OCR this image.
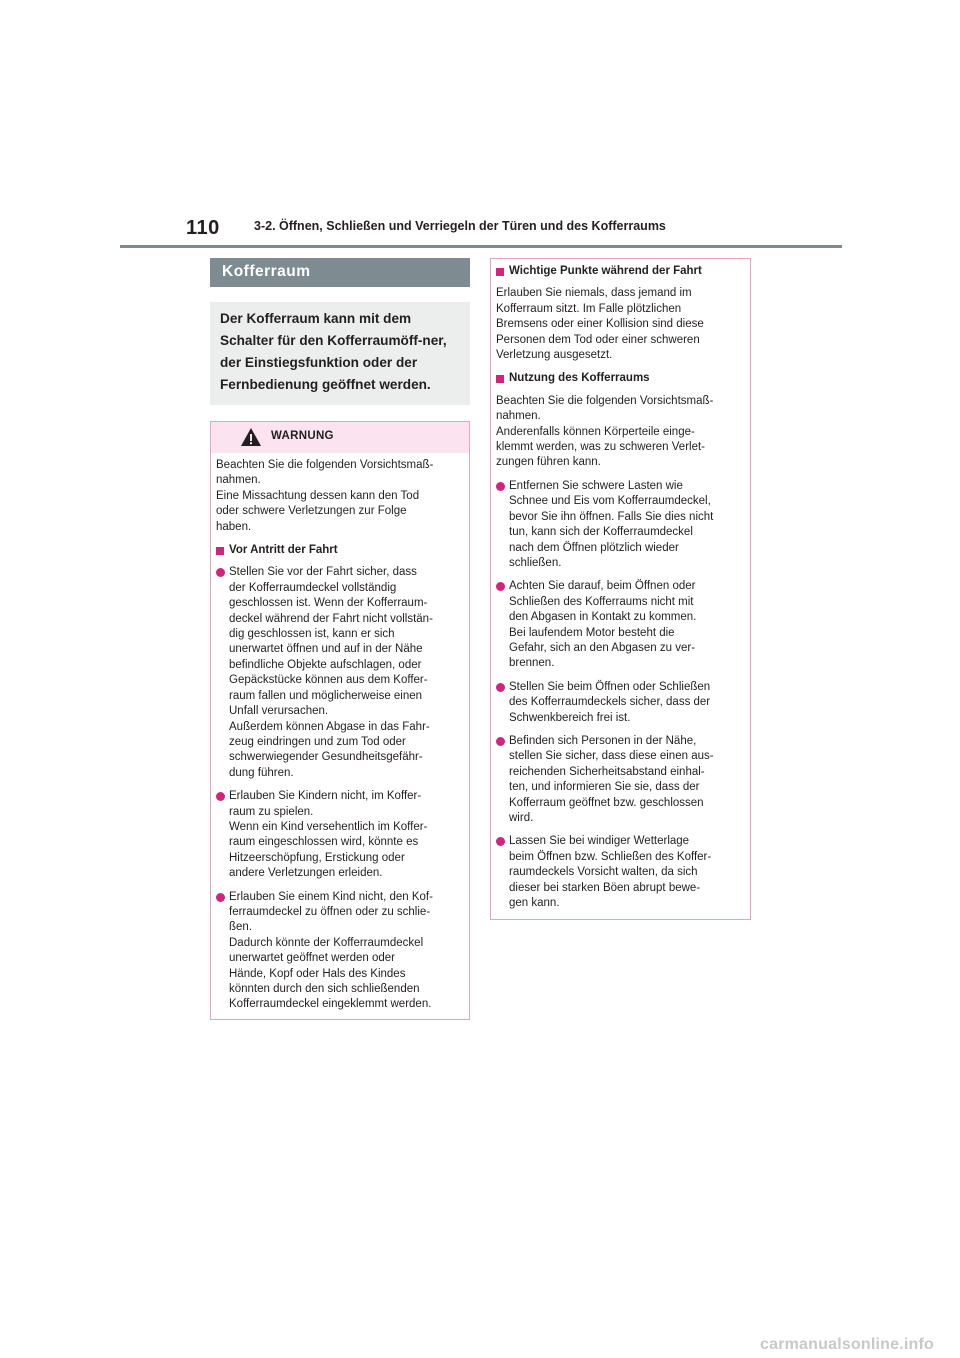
110	3-2. Öffnen, Schließen und Verriegeln der Türen und des Kofferraums
Kofferraum
Der Kofferraum kann mit dem Schalter für den Kofferraumöff-ner, der Einstiegsfunktion oder der Fernbedienung geöffnet werden.
WARNUNG
Beachten Sie die folgenden Vorsichtsmaß-
nahmen.
Eine Missachtung dessen kann den Tod
oder schwere Verletzungen zur Folge
haben.
Vor Antritt der Fahrt
Stellen Sie vor der Fahrt sicher, dass
der Kofferraumdeckel vollständig
geschlossen ist. Wenn der Kofferraum-
deckel während der Fahrt nicht vollstän-
dig geschlossen ist, kann er sich
unerwartet öffnen und auf in der Nähe
befindliche Objekte aufschlagen, oder
Gepäckstücke können aus dem Koffer-
raum fallen und möglicherweise einen
Unfall verursachen.
Außerdem können Abgase in das Fahr-
zeug eindringen und zum Tod oder
schwerwiegender Gesundheitsgefähr-
dung führen.
Erlauben Sie Kindern nicht, im Koffer-
raum zu spielen.
Wenn ein Kind versehentlich im Koffer-
raum eingeschlossen wird, könnte es
Hitzeerschöpfung, Erstickung oder
andere Verletzungen erleiden.
Erlauben Sie einem Kind nicht, den Kof-
ferraumdeckel zu öffnen oder zu schlie-
ßen.
Dadurch könnte der Kofferraumdeckel
unerwartet geöffnet werden oder
Hände, Kopf oder Hals des Kindes
könnten durch den sich schließenden
Kofferraumdeckel eingeklemmt werden.
Wichtige Punkte während der Fahrt
Erlauben Sie niemals, dass jemand im
Kofferraum sitzt. Im Falle plötzlichen
Bremsens oder einer Kollision sind diese
Personen dem Tod oder einer schweren
Verletzung ausgesetzt.
Nutzung des Kofferraums
Beachten Sie die folgenden Vorsichtsmaß-
nahmen.
Anderenfalls können Körperteile einge-
klemmt werden, was zu schweren Verlet-
zungen führen kann.
Entfernen Sie schwere Lasten wie
Schnee und Eis vom Kofferraumdeckel,
bevor Sie ihn öffnen. Falls Sie dies nicht
tun, kann sich der Kofferraumdeckel
nach dem Öffnen plötzlich wieder
schließen.
Achten Sie darauf, beim Öffnen oder
Schließen des Kofferraums nicht mit
den Abgasen in Kontakt zu kommen.
Bei laufendem Motor besteht die
Gefahr, sich an den Abgasen zu ver-
brennen.
Stellen Sie beim Öffnen oder Schließen
des Kofferraumdeckels sicher, dass der
Schwenkbereich frei ist.
Befinden sich Personen in der Nähe,
stellen Sie sicher, dass diese einen aus-
reichenden Sicherheitsabstand einhal-
ten, und informieren Sie sie, dass der
Kofferraum geöffnet bzw. geschlossen
wird.
Lassen Sie bei windiger Wetterlage
beim Öffnen bzw. Schließen des Koffer-
raumdeckels Vorsicht walten, da sich
dieser bei starken Böen abrupt bewe-
gen kann.
carmanualsonline.info
